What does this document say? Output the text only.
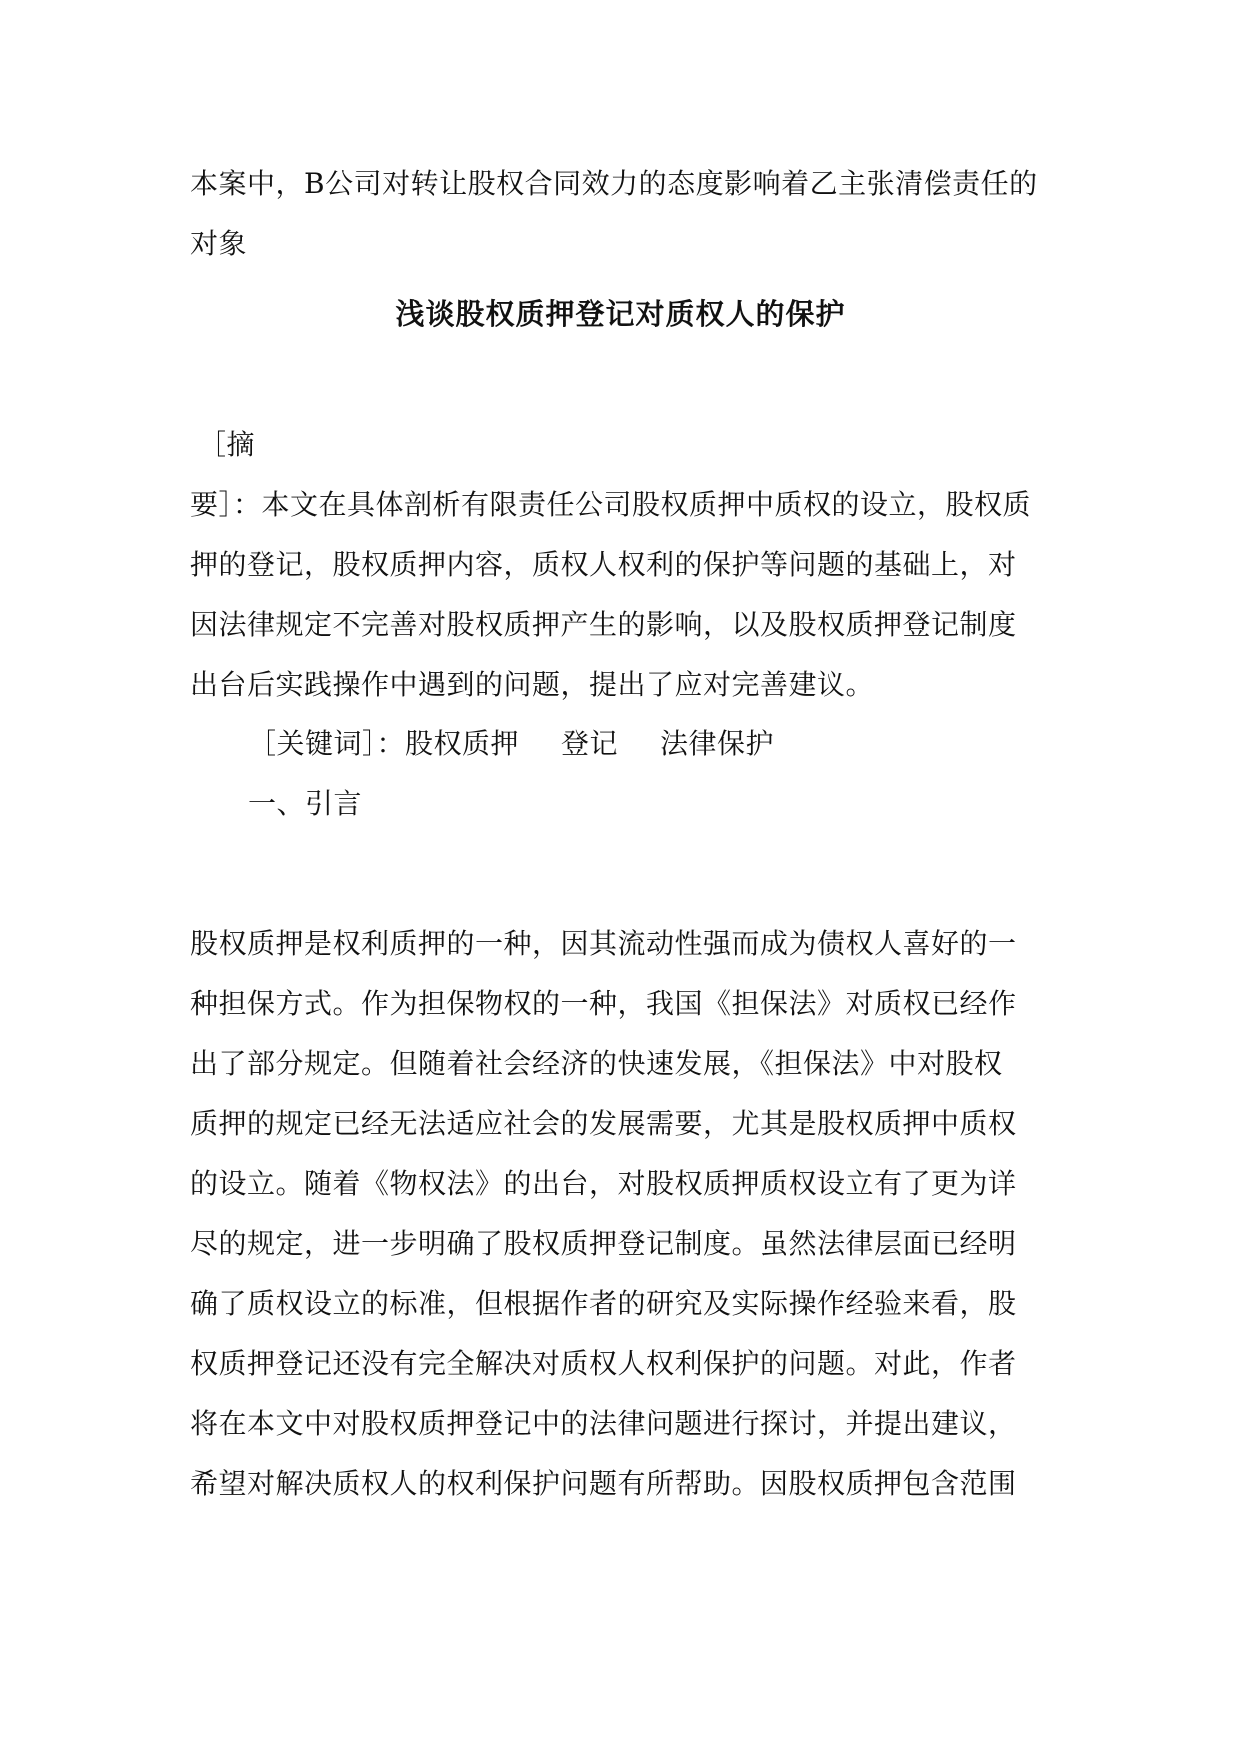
本案中，B公司对转让股权合同效力的态度影响着乙主张清偿责任的
对象
浅谈股权质押登记对质权人的保护
［摘
要］：本文在具体剖析有限责任公司股权质押中质权的设立，股权质
押的登记，股权质押内容，质权人权利的保护等问题的基础上，对
因法律规定不完善对股权质押产生的影响，以及股权质押登记制度
出台后实践操作中遇到的问题，提出了应对完善建议。
［关键词］：股权质押 登记 法律保护
一、引言
股权质押是权利质押的一种，因其流动性强而成为债权人喜好的一
种担保方式。作为担保物权的一种，我国《担保法》对质权已经作
出了部分规定。但随着社会经济的快速发展，《担保法》中对股权
质押的规定已经无法适应社会的发展需要，尤其是股权质押中质权
的设立。随着《物权法》的出台，对股权质押质权设立有了更为详
尽的规定，进一步明确了股权质押登记制度。虽然法律层面已经明
确了质权设立的标准，但根据作者的研究及实际操作经验来看，股
权质押登记还没有完全解决对质权人权利保护的问题。对此，作者
将在本文中对股权质押登记中的法律问题进行探讨，并提出建议，
希望对解决质权人的权利保护问题有所帮助。因股权质押包含范围
